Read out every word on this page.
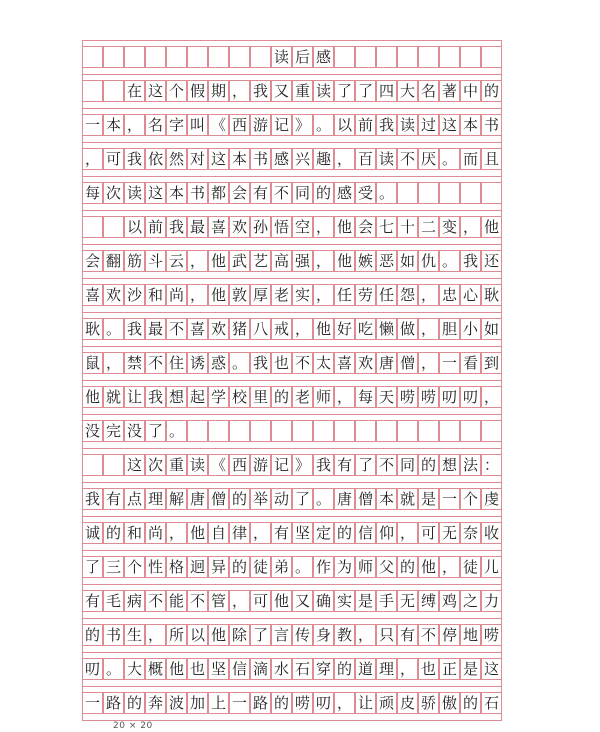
读 后 感
在 这 个 假 期 ， 我 又 重 读 了 了 四 大 名 著 中 的
一 本 ， 名 字 叫 《 西 游 记 》 。 以 前 我 读 过 这 本 书
， 可 我 依 然 对 这 本 书 感 兴 趣 ， 百 读 不 厌 。 而 且
每 次 读 这 本 书 都 会 有 不 同 的 感 受 。
以 前 我 最 喜 欢 孙 悟 空 ， 他 会 七 十 二 变 ， 他
会 翻 筋 斗 云 ， 他 武 艺 高 强 ， 他 嫉 恶 如 仇 。 我 还
喜 欢 沙 和 尚 ， 他 敦 厚 老 实 ， 任 劳 任 怨 ， 忠 心 耿
耿 。 我 最 不 喜 欢 猪 八 戒 ， 他 好 吃 懒 做 ， 胆 小 如
鼠 ， 禁 不 住 诱 惑 。 我 也 不 太 喜 欢 唐 僧 ， 一 看 到
他 就 让 我 想 起 学 校 里 的 老 师 ， 每 天 唠 唠 叨 叨 ，
没 完 没 了 。
这 次 重 读 《 西 游 记 》 我 有 了 不 同 的 想 法 ：
我 有 点 理 解 唐 僧 的 举 动 了 。 唐 僧 本 就 是 一 个 虔
诚 的 和 尚 ， 他 自 律 ， 有 坚 定 的 信 仰 ， 可 无 奈 收
了 三 个 性 格 迥 异 的 徒 弟 。 作 为 师 父 的 他 ， 徒 儿
有 毛 病 不 能 不 管 ， 可 他 又 确 实 是 手 无 缚 鸡 之 力
的 书 生 ， 所 以 他 除 了 言 传 身 教 ， 只 有 不 停 地 唠
叨 。 大 概 他 也 坚 信 滴 水 石 穿 的 道 理 ， 也 正 是 这
一 路 的 奔 波 加 上 一 路 的 唠 叨 ， 让 顽 皮 骄 傲 的 石
20 × 20
